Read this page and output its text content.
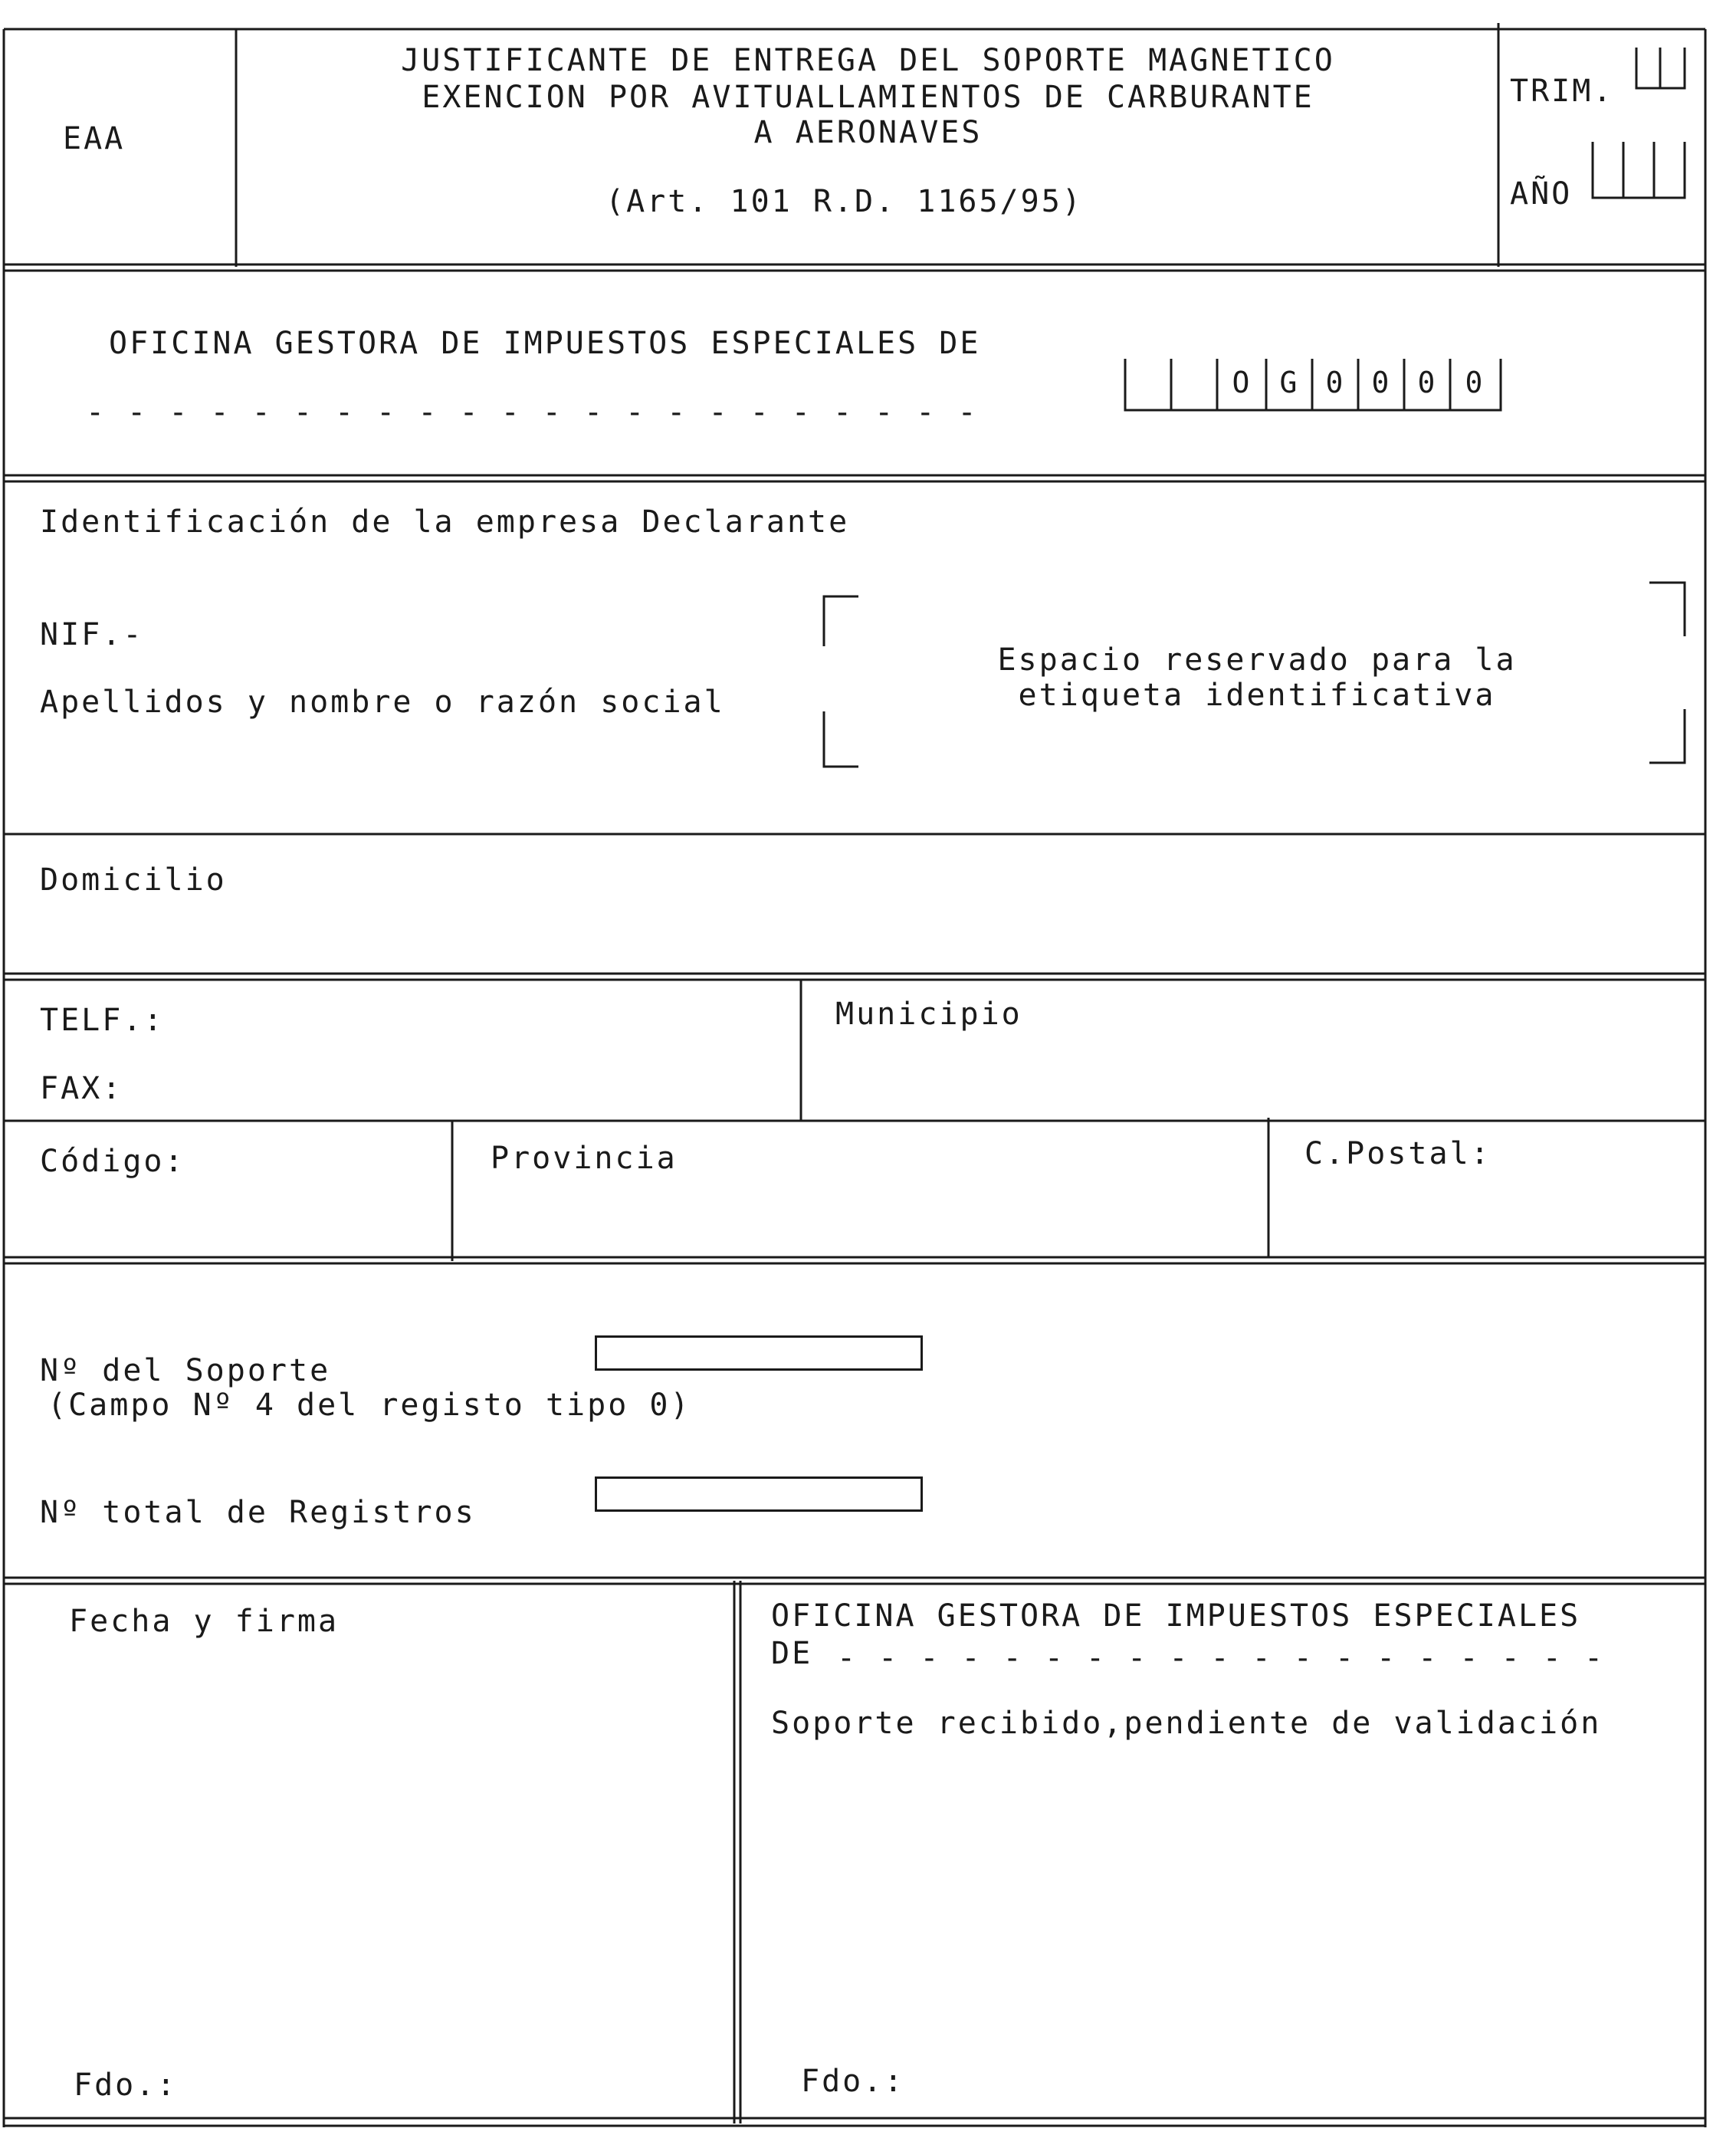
EAA
JUSTIFICANTE DE ENTREGA DEL SOPORTE MAGNETICO
EXENCION POR AVITUALLAMIENTOS DE CARBURANTE
A AERONAVES
(Art. 101 R.D. 1165/95)
TRIM.
AÑO
OFICINA GESTORA DE IMPUESTOS ESPECIALES DE
- - - - - - - - - - - - - - - - - - - - - -
O	G 0 0 0	0
Identificación de la empresa Declarante
NIF.-
Apellidos y nombre o razón social
Espacio reservado para la
etiqueta identificativa
Domicilio
TELF.:
FAX:
Municipio
Código:	Provincia	C.Postal:
Nº del Soporte
(Campo Nº 4 del registo tipo 0)
Nº total de Registros
Fecha y firma
Fdo.:
OFICINA GESTORA DE IMPUESTOS ESPECIALES
DE - - - - - - - - - - - - - - - - - - -
Soporte recibido,pendiente de validación
Fdo.:
